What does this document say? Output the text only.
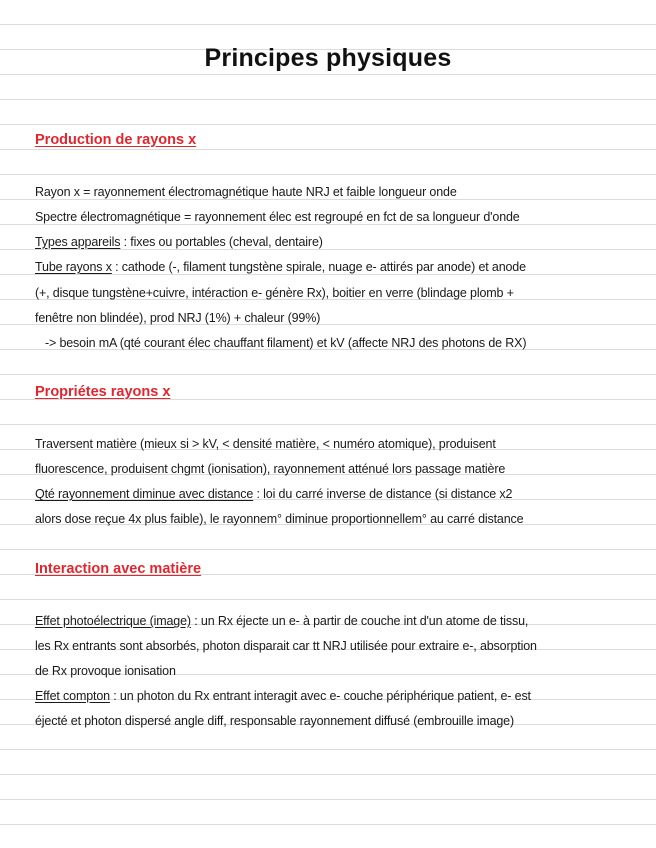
Principes physiques
Production de rayons x
Rayon x = rayonnement électromagnétique haute NRJ et faible longueur onde
Spectre électromagnétique = rayonnement élec est regroupé en fct de sa longueur d'onde
Types appareils : fixes ou portables (cheval, dentaire)
Tube rayons x : cathode (-, filament tungstène spirale, nuage e- attirés par anode) et anode
(+, disque tungstène+cuivre, intéraction e- génère Rx), boitier en verre (blindage plomb +
fenêtre non blindée), prod NRJ (1%) + chaleur (99%)
-> besoin mA (qté courant élec chauffant filament) et kV (affecte NRJ des photons de RX)
Propriétes rayons x
Traversent matière (mieux si > kV, < densité matière, < numéro atomique), produisent
fluorescence, produisent chgmt (ionisation), rayonnement atténué lors passage matière
Qté rayonnement diminue avec distance : loi du carré inverse de distance (si distance x2
alors dose reçue 4x plus faible), le rayonnem° diminue proportionnellem° au carré distance
Interaction avec matière
Effet photoélectrique (image) : un Rx éjecte un e- à partir de couche int d'un atome de tissu,
les Rx entrants sont absorbés, photon disparait car tt NRJ utilisée pour extraire e-, absorption
de Rx provoque ionisation
Effet compton : un photon du Rx entrant interagit avec e- couche périphérique patient, e- est
éjecté et photon dispersé angle diff, responsable rayonnement diffusé (embrouille image)
